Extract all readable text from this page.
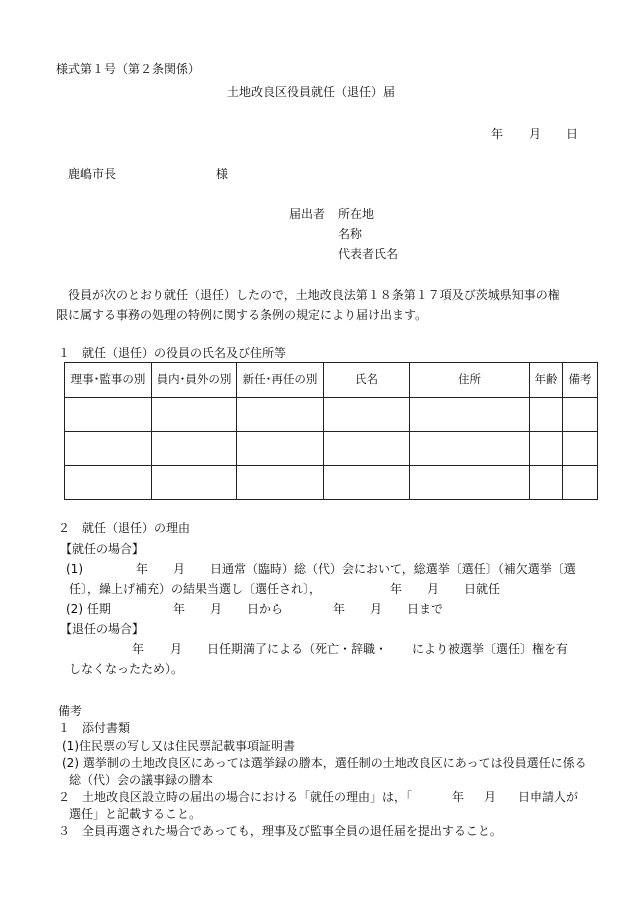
様式第１号（第２条関係）
土地改良区役員就任（退任）届
年 月 日
鹿嶋市長	様
届出者 所在地
名称
代表者氏名
役員が次のとおり就任（退任）したので，土地改良法第１８条第１７項及び茨城県知事の権
限に属する事務の処理の特例に関する条例の規定により届け出ます。
１　就任（退任）の役員の氏名及び住所等
理事･監事の別	員内･員外の別	新任･再任の別	氏名	住所	年齢	備考

２　就任（退任）の理由
【就任の場合】
(1)	年 月 日通常（臨時）総（代）会において，総選挙〔選任〕（補欠選挙〔選
任〕，繰上げ補充）の結果当選し〔選任され〕，	年 月 日就任
(2) 任期	年 月 日から	年 月 日まで
【退任の場合】
年 月 日任期満了による（死亡・辞職・ により被選挙〔選任〕権を有
しなくなったため）。
備考
１　添付書類
(1)住民票の写し又は住民票記載事項証明書
(2) 選挙制の土地改良区にあっては選挙録の謄本，選任制の土地改良区にあっては役員選任に係る
総（代）会の議事録の謄本
２　土地改良区設立時の届出の場合における「就任の理由」は，「	年 月 日申請人が
選任」と記載すること。
３　全員再選された場合であっても，理事及び監事全員の退任届を提出すること。
